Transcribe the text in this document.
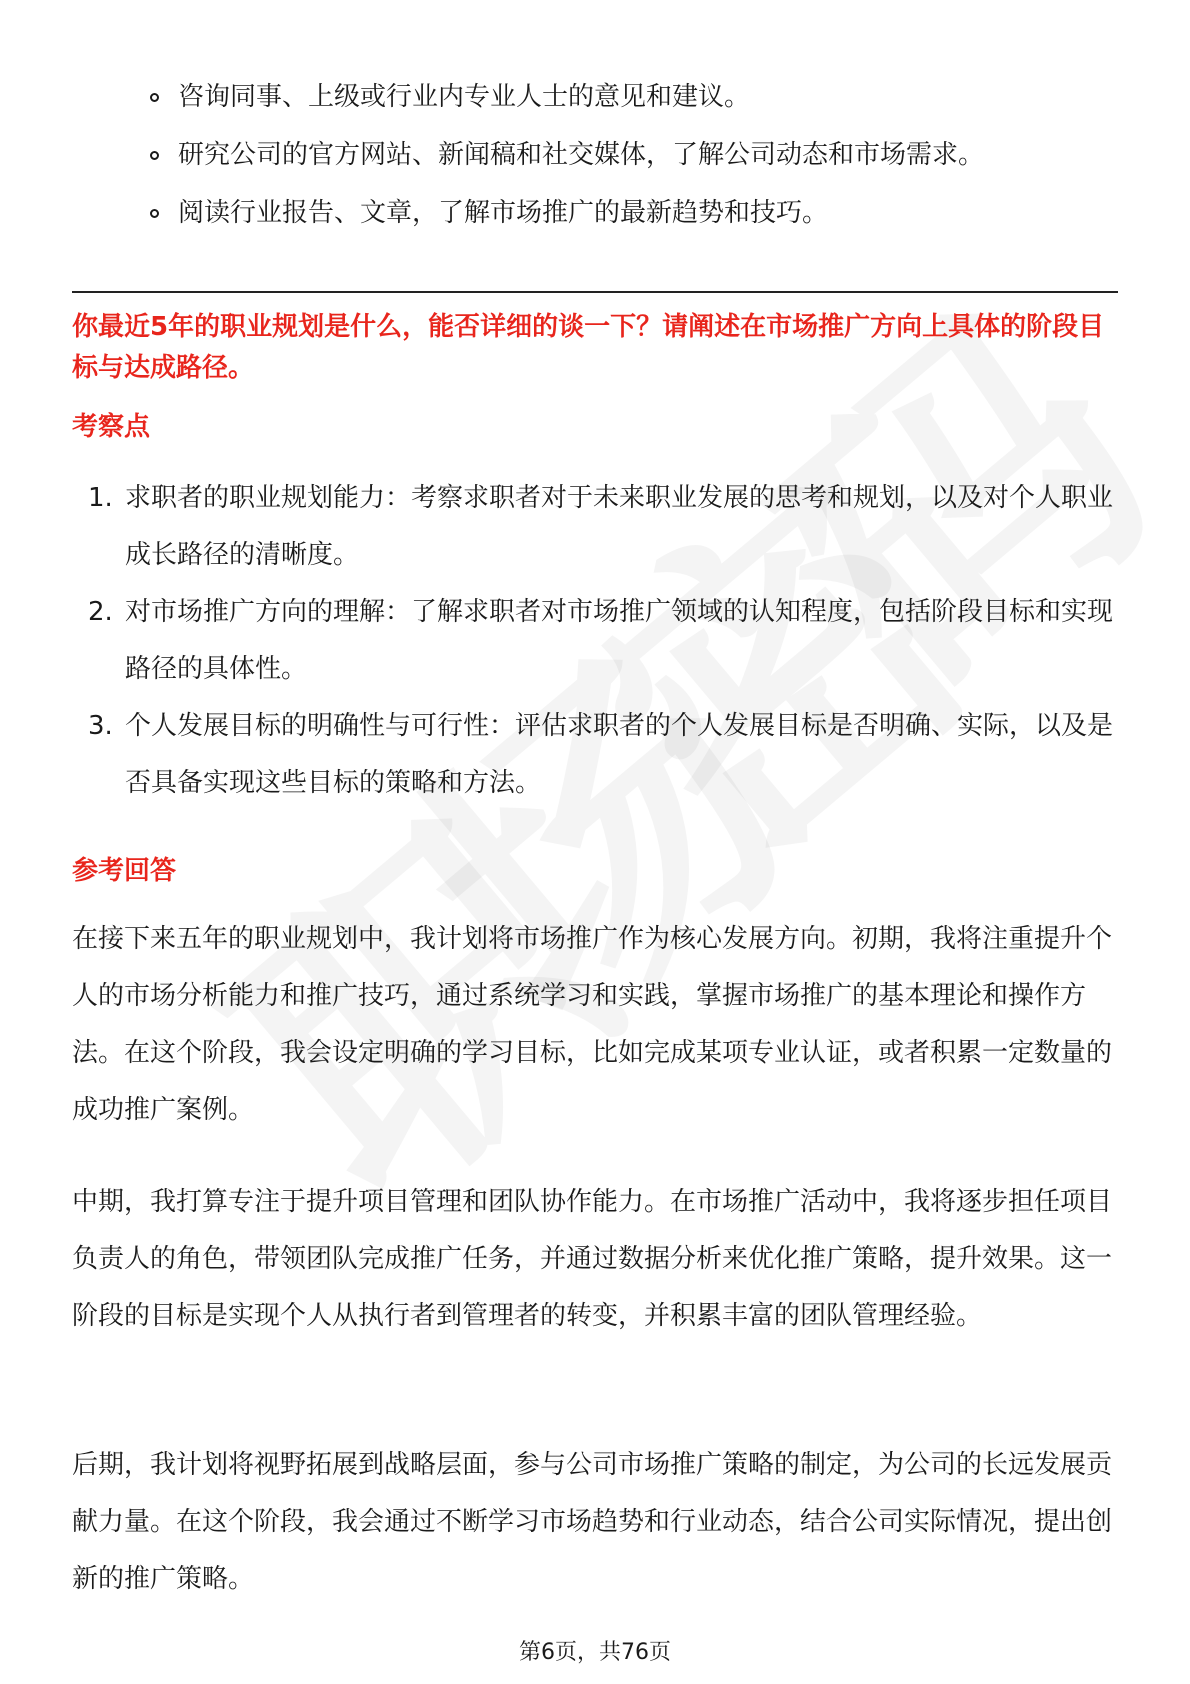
咨询同事、上级或行业内专业人士的意见和建议。
研究公司的官方网站、新闻稿和社交媒体，了解公司动态和市场需求。
阅读行业报告、文章，了解市场推广的最新趋势和技巧。
你最近5年的职业规划是什么，能否详细的谈一下？请阐述在市场推广方向上具体的阶段目标与达成路径。
考察点
1. 求职者的职业规划能力：考察求职者对于未来职业发展的思考和规划，以及对个人职业成长路径的清晰度。
2. 对市场推广方向的理解：了解求职者对市场推广领域的认知程度，包括阶段目标和实现路径的具体性。
3. 个人发展目标的明确性与可行性：评估求职者的个人发展目标是否明确、实际，以及是否具备实现这些目标的策略和方法。
参考回答

在接下来五年的职业规划中，我计划将市场推广作为核心发展方向。初期，我将注重提升个人的市场分析能力和推广技巧，通过系统学习和实践，掌握市场推广的基本理论和操作方法。在这个阶段，我会设定明确的学习目标，比如完成某项专业认证，或者积累一定数量的成功推广案例。

中期，我打算专注于提升项目管理和团队协作能力。在市场推广活动中，我将逐步担任项目负责人的角色，带领团队完成推广任务，并通过数据分析来优化推广策略，提升效果。这一阶段的目标是实现个人从执行者到管理者的转变，并积累丰富的团队管理经验。

后期，我计划将视野拓展到战略层面，参与公司市场推广策略的制定，为公司的长远发展贡献力量。在这个阶段，我会通过不断学习市场趋势和行业动态，结合公司实际情况，提出创新的推广策略。

第6页，共76页
